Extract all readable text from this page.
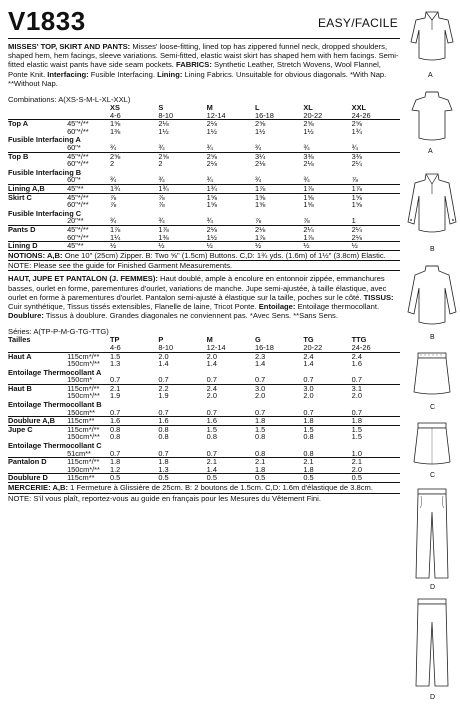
V1833	EASY/FACILE
MISSES' TOP, SKIRT AND PANTS: Misses' loose-fitting, lined top has zippered funnel neck, dropped shoulders, shaped hem, hem facings, sleeve variations. Semi-fitted, elastic waist skirt has shaped hem with hem facings. Semi-fitted elastic waist pants have side seam pockets. FABRICS: Synthetic Leather, Stretch Wovens, Wool Flannel, Ponte Knit. Interfacing: Fusible Interfacing. Lining: Lining Fabrics. Unsuitable for obvious diagonals. *With Nap. **Without Nap.
Combinations: A(XS-S-M-L-XL-XXL)
		XS	S	M	L	XL	XXL
		4-6	8-10	12-14	16-18	20-22	24-26
Top A	45"*/**	1⅝	2⅛	2⅛	2⅝	2⅝	2⅝
	60"*/**	1⅜	1½	1½	1½	1½	1¾
Fusible Interfacing A							
	60"*	¾	¾	¾	¾	¾	¾
Top B	45"*/**	2⅝	2⅝	2⅝	3¼	3⅜	3⅜
	60"*/**	2	2	2⅛	2⅛	2⅛	2¼
Fusible Interfacing B							
	60"*	¾	¾	¾	¾	¾	⅞
Lining A,B	45"**	1¾	1¾	1¾	1⅞	1⅞	1⅞
Skirt C	45"*/**	⅞	⅞	1⅝	1⅝	1⅝	1⅝
	60"*/**	⅞	⅞	1⅝	1⅝	1⅝	1⅝
Fusible Interfacing C							
	20"**	¾	¾	¾	⅞	⅞	1
Pants D	45"*/**	1⅞	1⅞	2⅛	2⅛	2¼	2¼
	60"*/**	1¼	1⅜	1½	1⅞	1⅞	2⅛
Lining D	45"**	½	½	½	½	½	½
NOTIONS: A,B: One 10" (25cm) Zipper. B: Two ⅝" (1.5cm) Buttons. C,D: 1¾ yds. (1.6m) of 1½" (3.8cm) Elastic.
NOTE: Please see the guide for Finished Garment Measurements.
HAUT, JUPE ET PANTALON (J. FEMMES): Haut doublé, ample à encolure en entonnoir zippée, emmanchures basses, ourlet en forme, parementures d'ourlet, variations de manche. Jupe semi-ajustée, à taille élastique, avec ourlet en forme à parementures d'ourlet. Pantalon semi-ajusté à élastique sur la taille, poches sur le côté. TISSUS: Cuir synthétique, Tissus tissés extensibles, Flanelle de laine, Tricot Ponte. Entoilage: Entoilage thermocollant. Doublure: Tissus à doublure. Grandes diagonales ne conviennent pas. *Avec Sens. **Sans Sens.
Séries: A(TP-P-M-G-TG-TTG)
Tailles		TP	P	M	G	TG	TTG
		4-6	8-10	12-14	16-18	20-22	24-26
Haut A	115cm*/**	1.5	2.0	2.0	2.3	2.4	2.4
	150cm*/**	1.3	1.4	1.4	1.4	1.4	1.6
Entoilage Thermocollant A							
	150cm*	0.7	0.7	0.7	0.7	0.7	0.7
Haut B	115cm*/**	2.1	2.2	2.4	3.0	3.0	3.1
	150cm*/**	1.9	1.9	2.0	2.0	2.0	2.0
Entoilage Thermocollant B							
	150cm**	0.7	0.7	0.7	0.7	0.7	0.7
Doublure A,B	115cm**	1.6	1.6	1.6	1.8	1.8	1.8
Jupe C	115cm*/**	0.8	0.8	1.5	1.5	1.5	1.5
	150cm*/**	0.8	0.8	0.8	0.8	0.8	1.5
Entoilage Thermocollant C							
	51cm**	0.7	0.7	0.7	0.8	0.8	1.0
Pantalon D	115cm*/**	1.8	1.8	2.1	2.1	2.1	2.1
	150cm*/**	1.2	1.3	1.4	1.8	1.8	2.0
Doublure D	115cm**	0.5	0.5	0.5	0.5	0.5	0.5
MERCERIE: A,B: 1 Fermeture à Glissière de 25cm. B: 2 boutons de 1.5cm. C,D: 1.6m d'élastique de 3.8cm.
NOTE: S'il vous plaît, reportez-vous au guide en français pour les Mesures du Vêtement Fini.
A
A
B
B
C
C
D
D
